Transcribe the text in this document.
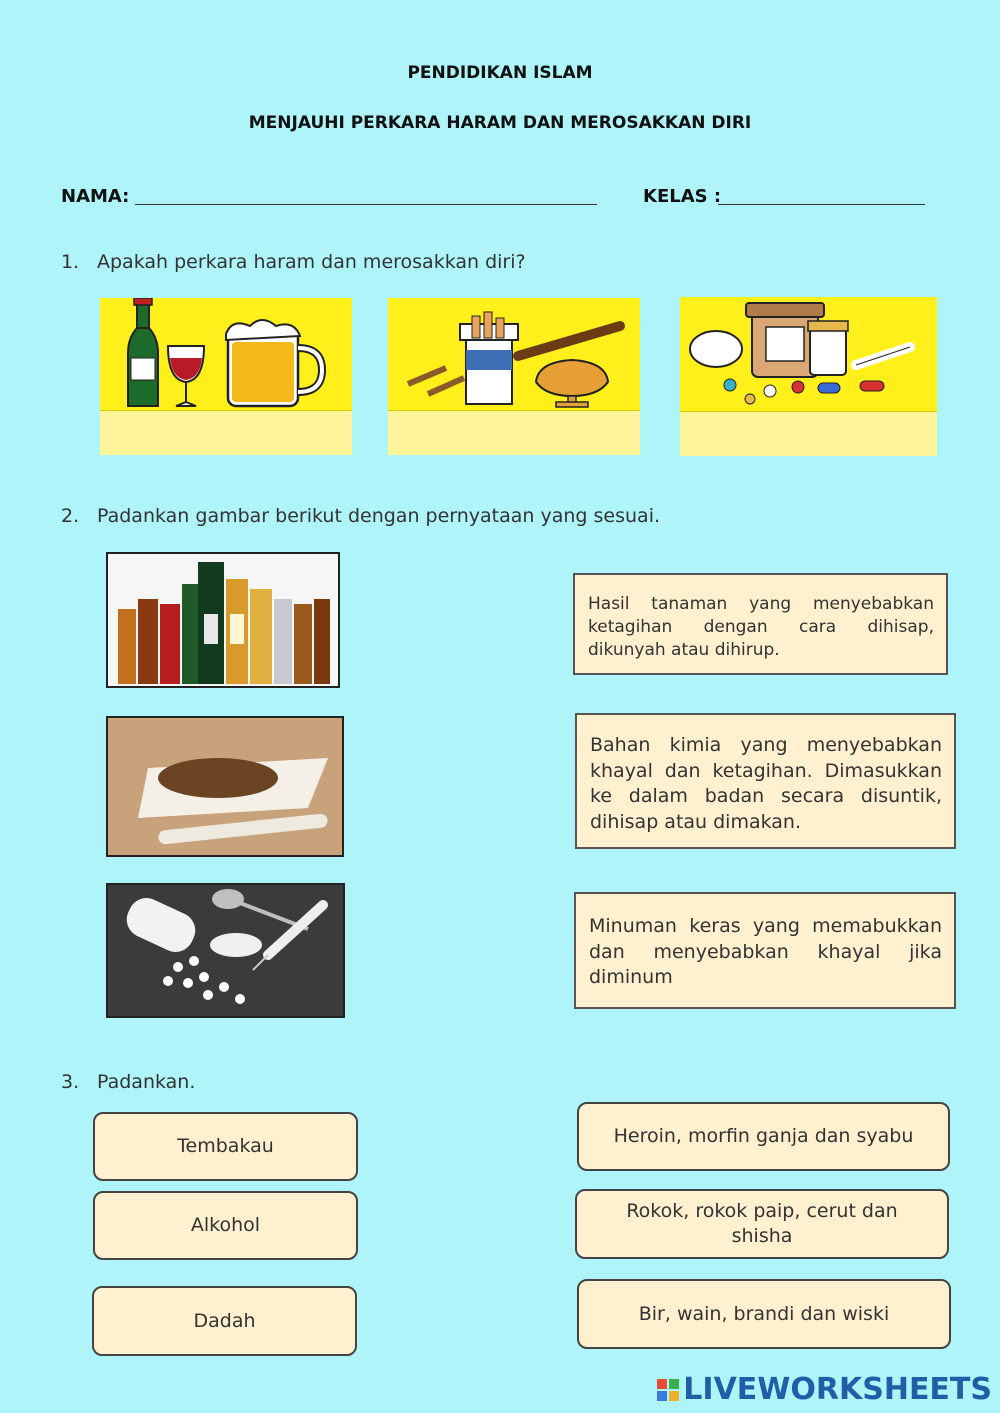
PENDIDIKAN ISLAM
MENJAUHI PERKARA HARAM DAN MEROSAKKAN DIRI
NAMA:	KELAS :
1. Apakah perkara haram dan merosakkan diri?
2. Padankan gambar berikut dengan pernyataan yang sesuai.
Hasil tanaman yang menyebabkan ketagihan dengan cara dihisap, dikunyah atau dihirup.
Bahan kimia yang menyebabkan khayal dan ketagihan. Dimasukkan ke dalam badan secara disuntik, dihisap atau dimakan.
Minuman keras yang memabukkan dan menyebabkan khayal jika diminum
3. Padankan.
Tembakau
Alkohol
Dadah
Heroin, morfin ganja dan syabu
Rokok, rokok paip, cerut dan shisha
Bir, wain, brandi dan wiski
LIVEWORKSHEETS
